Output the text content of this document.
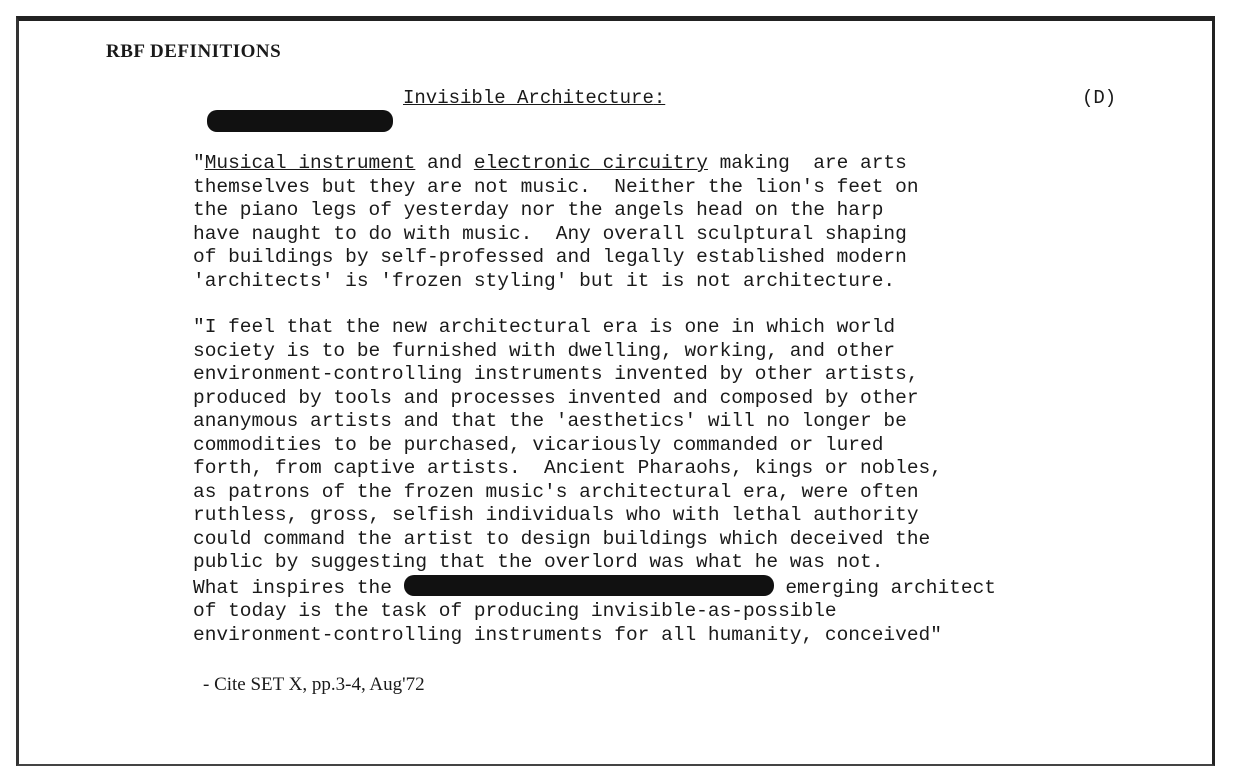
RBF DEFINITIONS
Invisible Architecture:	(D)
"Musical instrument and electronic circuitry making  are arts
themselves but they are not music.  Neither the lion's feet on
the piano legs of yesterday nor the angels head on the harp
have naught to do with music.  Any overall sculptural shaping
of buildings by self-professed and legally established modern
'architects' is 'frozen styling' but it is not architecture.
"I feel that the new architectural era is one in which world
society is to be furnished with dwelling, working, and other
environment-controlling instruments invented by other artists,
produced by tools and processes invented and composed by other
ananymous artists and that the 'aesthetics' will no longer be
commodities to be purchased, vicariously commanded or lured
forth, from captive artists.  Ancient Pharaohs, kings or nobles,
as patrons of the frozen music's architectural era, were often
ruthless, gross, selfish individuals who with lethal authority
could command the artist to design buildings which deceived the
public by suggesting that the overlord was what he was not.
What inspires the	emerging architect
of today is the task of producing invisible-as-possible
environment-controlling instruments for all humanity, conceived"
- Cite SET X, pp.3-4, Aug'72
